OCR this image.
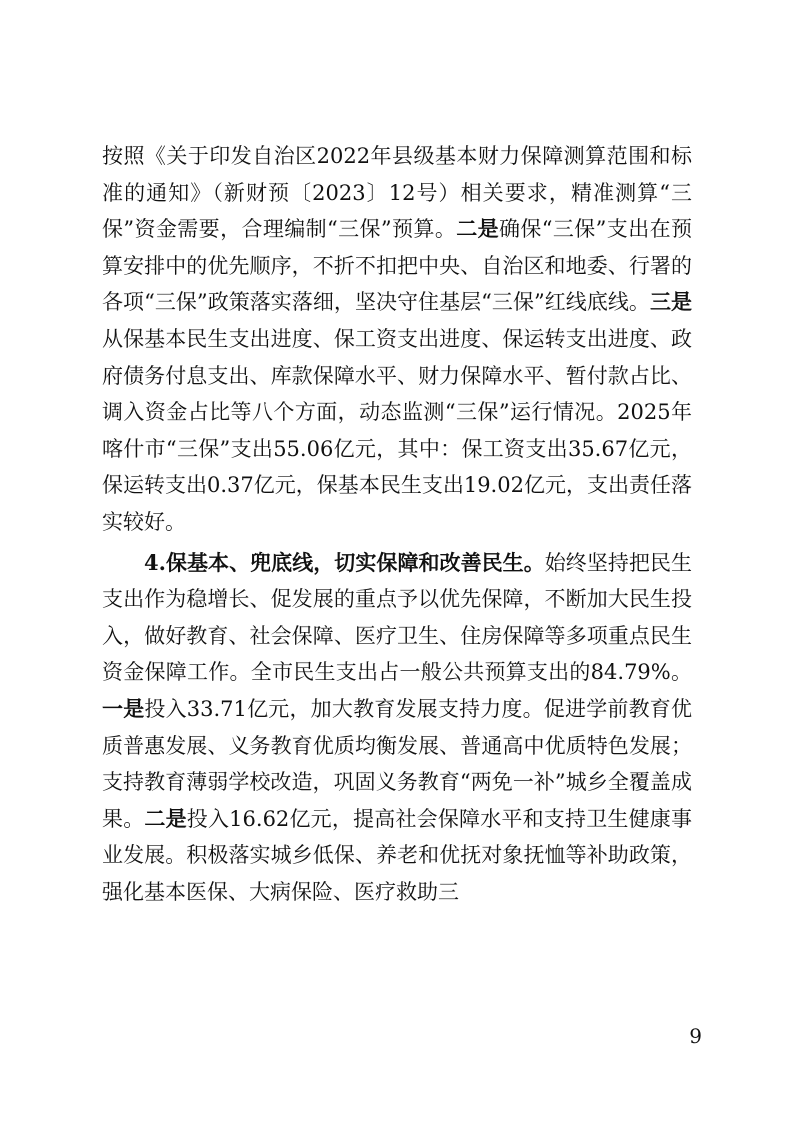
按照《关于印发自治区2022年县级基本财力保障测算范围和标准的通知》（新财预〔2023〕12号）相关要求，精准测算“三保”资金需要，合理编制“三保”预算。二是确保“三保”支出在预算安排中的优先顺序，不折不扣把中央、自治区和地委、行署的各项“三保”政策落实落细，坚决守住基层“三保”红线底线。三是从保基本民生支出进度、保工资支出进度、保运转支出进度、政府债务付息支出、库款保障水平、财力保障水平、暂付款占比、调入资金占比等八个方面，动态监测“三保”运行情况。2025年喀什市“三保”支出55.06亿元，其中：保工资支出35.67亿元，保运转支出0.37亿元，保基本民生支出19.02亿元，支出责任落实较好。

4.保基本、兜底线，切实保障和改善民生。始终坚持把民生支出作为稳增长、促发展的重点予以优先保障，不断加大民生投入，做好教育、社会保障、医疗卫生、住房保障等多项重点民生资金保障工作。全市民生支出占一般公共预算支出的84.79%。一是投入33.71亿元，加大教育发展支持力度。促进学前教育优质普惠发展、义务教育优质均衡发展、普通高中优质特色发展；支持教育薄弱学校改造，巩固义务教育“两免一补”城乡全覆盖成果。二是投入16.62亿元，提高社会保障水平和支持卫生健康事业发展。积极落实城乡低保、养老和优抚对象抚恤等补助政策，强化基本医保、大病保险、医疗救助三

9
